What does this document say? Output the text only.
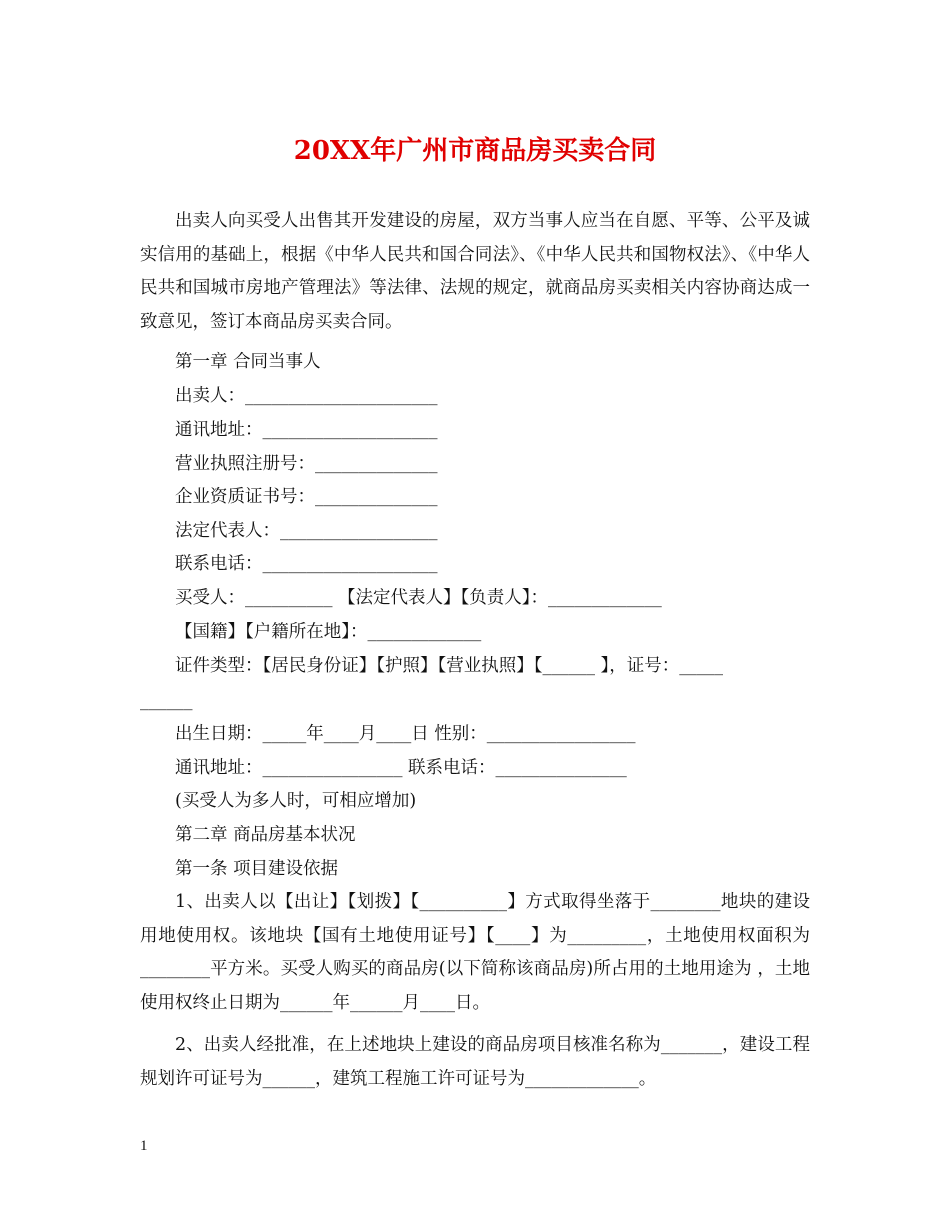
20XX年广州市商品房买卖合同
出卖人向买受人出售其开发建设的房屋，双方当事人应当在自愿、平等、公平及诚实信用的基础上，根据《中华人民共和国合同法》、《中华人民共和国物权法》、《中华人民共和国城市房地产管理法》等法律、法规的规定，就商品房买卖相关内容协商达成一致意见，签订本商品房买卖合同。
第一章 合同当事人
出卖人：______________________
通讯地址：____________________
营业执照注册号：______________
企业资质证书号：______________
法定代表人：__________________
联系电话：____________________
买受人：__________ 【法定代表人】【负责人】：_____________
【国籍】【户籍所在地】：_____________
证件类型：【居民身份证】【护照】【营业执照】【______ 】，证号：_____
______
出生日期：_____年____月____日 性别：_________________
通讯地址：________________ 联系电话：_______________
(买受人为多人时，可相应增加)
第二章 商品房基本状况
第一条 项目建设依据
1、出卖人以【出让】【划拨】【__________】方式取得坐落于________地块的建设用地使用权。该地块【国有土地使用证号】【____】为_________，土地使用权面积为________平方米。买受人购买的商品房(以下简称该商品房)所占用的土地用途为 ，土地使用权终止日期为______年______月____日。
2、出卖人经批准，在上述地块上建设的商品房项目核准名称为_______，建设工程规划许可证号为______，建筑工程施工许可证号为_____________。
1
